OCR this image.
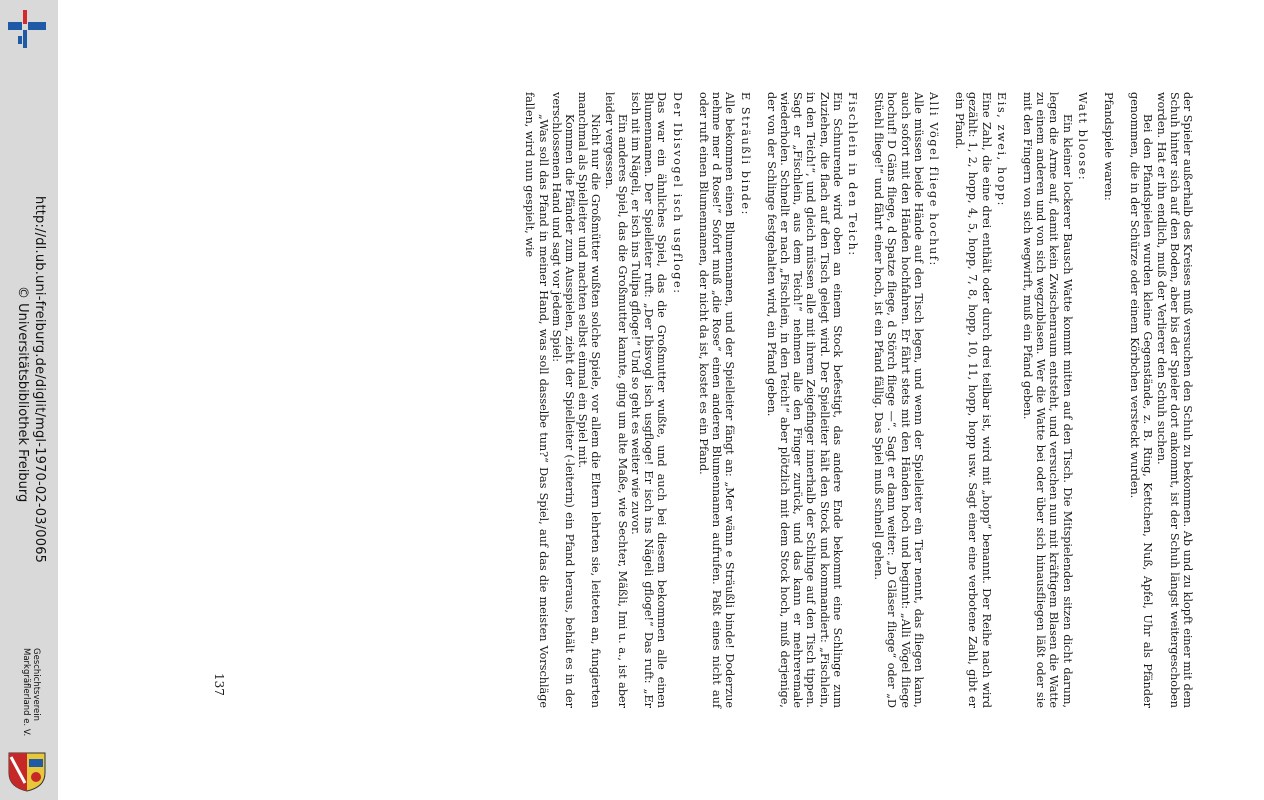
http://dl.ub.uni-freiburg.de/diglit/mgl-1970-02-03/0065
© Universitätsbibliothek Freiburg
Geschichtsverein
Markgräflerland e. V.	der Spieler außerhalb des Kreises muß versuchen den Schuh zu bekommen. Ab und zu klopft einer mit dem Schuh hinter sich auf den Boden, aber bis der Spieler dort ankommt, ist der Schuh längst weitergeschoben worden. Hat er ihn endlich, muß der Verlierer den Schuh suchen.

Bei den Pfandspielen wurden kleine Gegenstände, z. B. Ring, Kettchen, Nuß, Apfel, Uhr als Pfänder genommen, die in der Schürze oder einem Körbchen versteckt wurden.

Pfandspiele waren:

Watt bloose:

Ein kleiner lockerer Bausch Watte kommt mitten auf den Tisch. Die Mitspielenden sitzen dicht darum, legen die Arme auf, damit kein Zwischenraum entsteht, und versuchen nun mit kräftigem Blasen die Watte zu einem anderen und von sich wegzublasen. Wer die Watte bei oder über sich hinausfliegen läßt oder sie mit den Fingern von sich wegwirft, muß ein Pfand geben.

Eis, zwei, hopp:

Eine Zahl, die eine drei enthält oder durch drei teilbar ist, wird mit „hopp“ benannt. Der Reihe nach wird gezählt: 1, 2, hopp, 4, 5, hopp, 7, 8, hopp, 10, 11, hopp, hopp usw. Sagt einer eine verbotene Zahl, gibt er ein Pfand.

Alli Vögel fliege hochuf:

Alle müssen beide Hände auf den Tisch legen, und wenn der Spielleiter ein Tier nennt, das fliegen kann, auch sofort mit den Händen hochfahren. Er fährt stets mit den Händen hoch und beginnt: „Alli Vögel fliege hochuf! D Gäns fliege, d Spatze fliege, d Störch fliege —“. Sagt er dann weiter: „D Gläser fliege“ oder „D Stüehl fliege!“ und fährt einer hoch, ist ein Pfand fällig. Das Spiel muß schnell gehen.

Fischlein in den Teich:

Ein Schnurende wird oben an einem Stock befestigt, das andere Ende bekommt eine Schlinge zum Zuziehen, die flach auf den Tisch gelegt wird. Der Spielleiter hält den Stock und kommandiert: „Fischlein, in den Teich!“, und gleich müssen alle mit ihrem Zeigefinger innerhalb der Schlinge auf den Tisch tippen. Sagt er „Fischlein, aus dem Teich!“ nehmen alle den Finger zurück, und das kann er mehreremale wiederholen. Schnellt er nach „Fischlein, in den Teich!“ aber plötzlich mit dem Stock hoch, muß derjenige, der von der Schlinge festgehalten wird, ein Pfand geben.

E Sträußli binde:

Alle bekommen einen Blumennamen, und der Spielleiter fängt an: „Mer wänn e Sträußli binde! Doderzue nehme mer d Rose!“ Sofort muß „die Rose“ einen anderen Blumennamen aufrufen. Paßt eines nicht auf oder ruft einen Blumennamen, der nicht da ist, kostet es ein Pfand.

Der Ibisvogel isch usgfloge:

Das war ein ähnliches Spiel, das die Großmutter wußte, und auch bei diesem bekommen alle einen Blumennamen. Der Spielleiter ruft: „Der Ibisvogl isch usgfloge! Er isch ins Nägeli gfloge!“ Das ruft: „Er isch nit im Nägeli, er isch ins Tulipa gfloge!“ Und so geht es weiter wie zuvor.

Ein anderes Spiel, das die Großmutter kannte, ging um alte Maße, wie Sechter, Mäßli, Imi u. a., ist aber leider vergessen.

Nicht nur die Großmütter wußten solche Spiele, vor allem die Eltern lehrten sie, leiteten an, fungierten manchmal als Spielleiter und machten selbst einmal ein Spiel mit.

Kommen die Pfänder zum Ausspielen, zieht der Spielleiter (-leiterin) ein Pfand heraus, behält es in der verschlossenen Hand und sagt vor jedem Spiel:

„Was soll das Pfand in meiner Hand, was soll dasselbe tun?“ Das Spiel, auf das die meisten Vorschläge fallen, wird nun gespielt, wie

137
